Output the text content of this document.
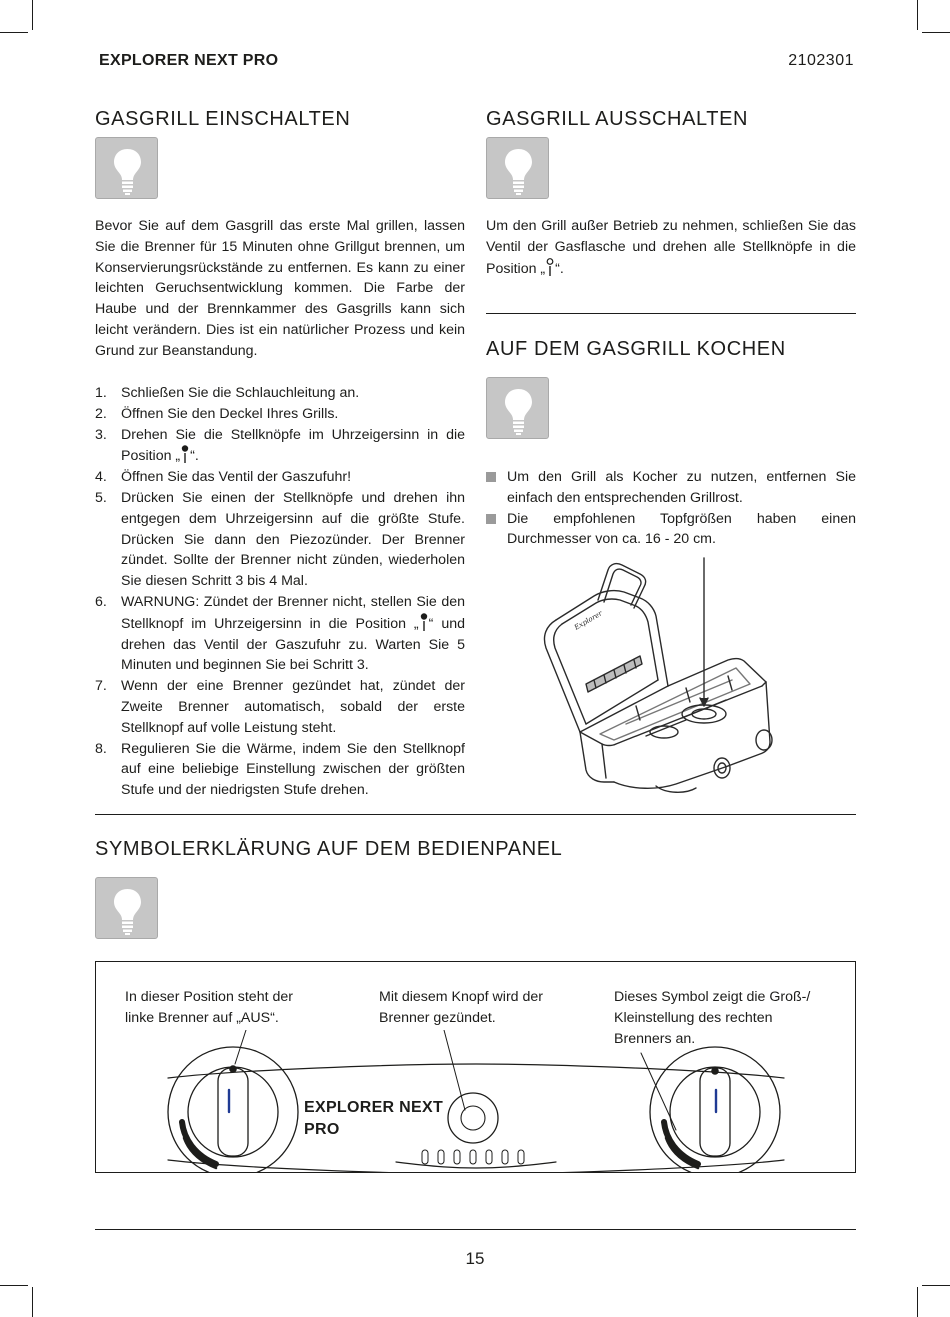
EXPLORER NEXT PRO	2102301
GASGRILL EINSCHALTEN
Bevor Sie auf dem Gasgrill das erste Mal grillen, lassen Sie die Brenner für 15 Minuten ohne Grillgut brennen, um Konservierungsrückstände zu entfernen. Es kann zu einer leichten Geruchsentwicklung kommen. Die Farbe der Haube und der Brennkammer des Gasgrills kann sich leicht verändern. Dies ist ein natürlicher Prozess und kein Grund zur Beanstandung.
1. Schließen Sie die Schlauchleitung an.
2. Öffnen Sie den Deckel Ihres Grills.
3. Drehen Sie die Stellknöpfe im Uhrzeigersinn in die Position „ “.
4. Öffnen Sie das Ventil der Gaszufuhr!
5. Drücken Sie einen der Stellknöpfe und drehen ihn entgegen dem Uhrzeigersinn auf die größte Stufe. Drücken Sie dann den Piezozünder. Der Brenner zündet. Sollte der Brenner nicht zünden, wiederholen Sie diesen Schritt 3 bis 4 Mal.
6. WARNUNG: Zündet der Brenner nicht, stellen Sie den Stellknopf im Uhrzeigersinn in die Position „ “ und drehen das Ventil der Gaszufuhr zu. Warten Sie 5 Minuten und beginnen Sie bei Schritt 3.
7. Wenn der eine Brenner gezündet hat, zündet der Zweite Brenner automatisch, sobald der erste Stellknopf auf volle Leistung steht.
8. Regulieren Sie die Wärme, indem Sie den Stellknopf auf eine beliebige Einstellung zwischen der größten Stufe und der niedrigsten Stufe drehen.
GASGRILL AUSSCHALTEN
Um den Grill außer Betrieb zu nehmen, schließen Sie das Ventil der Gasflasche und drehen alle Stellknöpfe in die Position „ “.
AUF DEM GASGRILL KOCHEN
Um den Grill als Kocher zu nutzen, entfernen Sie einfach den entsprechenden Grillrost.
Die empfohlenen Topfgrößen haben einen Durchmesser von ca. 16 - 20 cm.
Explorer
SYMBOLERKLÄRUNG AUF DEM BEDIENPANEL
In dieser Position steht der linke Brenner auf „AUS“.
Mit diesem Knopf wird der Brenner gezündet.
Dieses Symbol zeigt die Groß-/ Kleinstellung des rechten Brenners an.
EXPLORER NEXT PRO
15
